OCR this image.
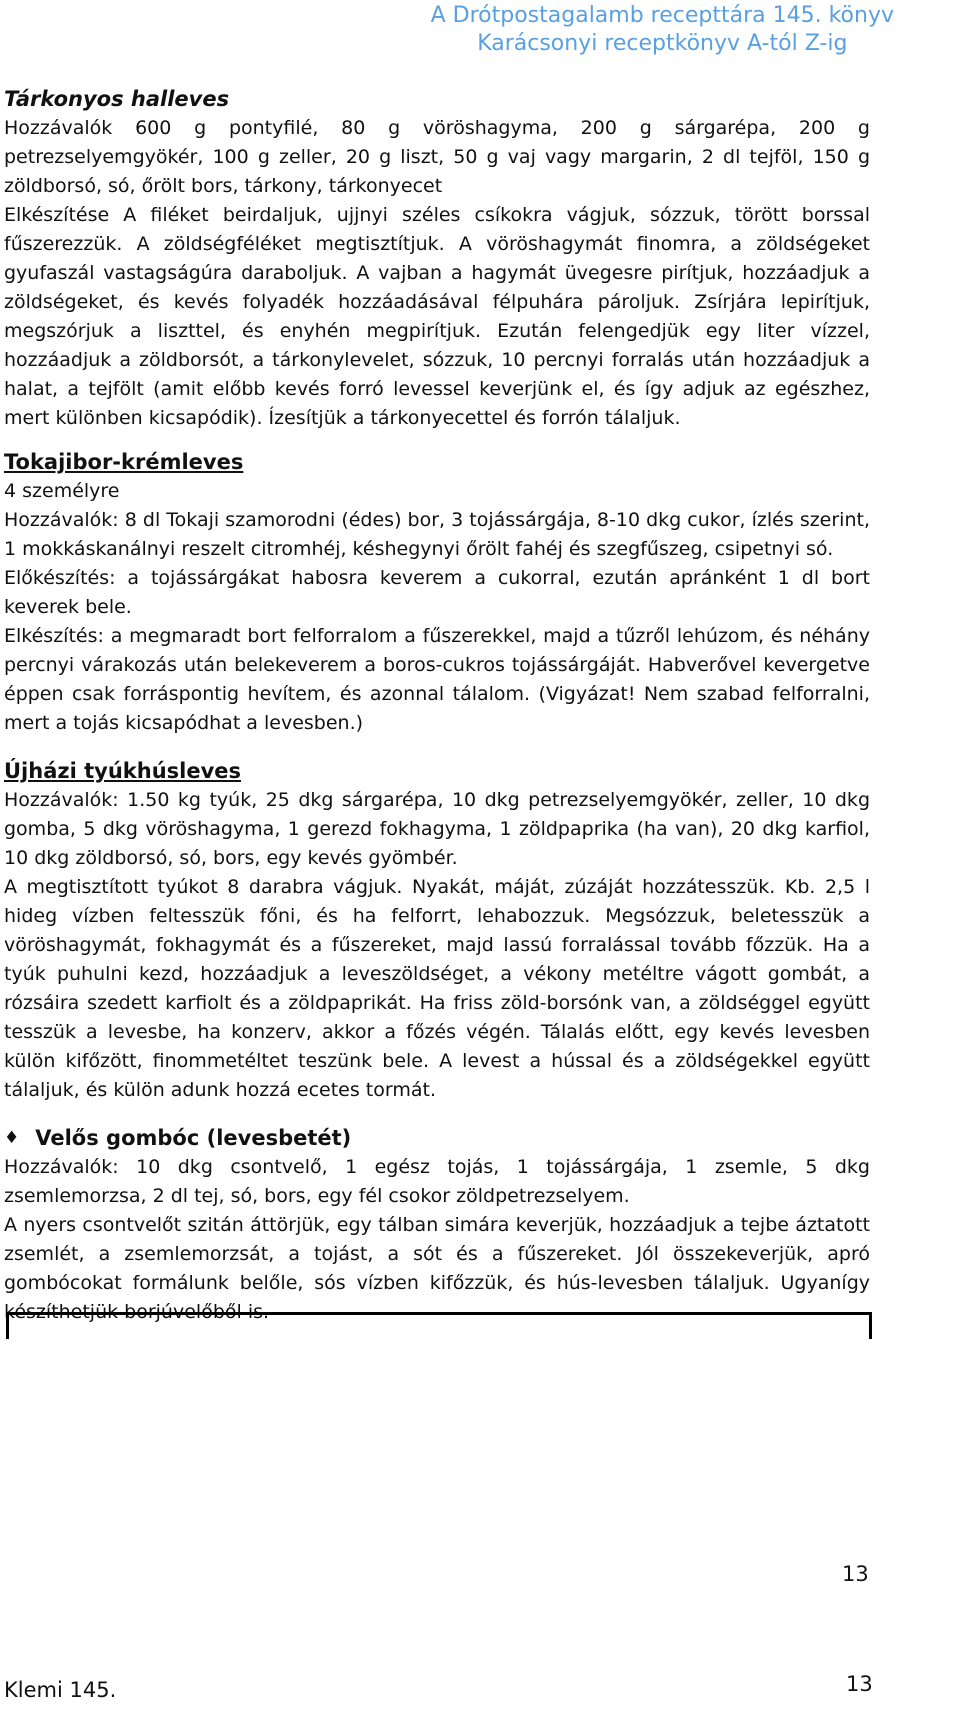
A Drótpostagalamb recepttára 145. könyv
Karácsonyi receptkönyv A-tól Z-ig
Tárkonyos halleves

Hozzávalók 600 g pontyfilé, 80 g vöröshagyma, 200 g sárgarépa, 200 g petrezselyemgyökér, 100 g zeller, 20 g liszt, 50 g vaj vagy margarin, 2 dl tejföl, 150 g zöldborsó, só, őrölt bors, tárkony, tárkonyecet

Elkészítése A filéket beirdaljuk, ujjnyi széles csíkokra vágjuk, sózzuk, törött borssal fűszerezzük. A zöldségféléket megtisztítjuk. A vöröshagymát finomra, a zöldségeket gyufaszál vastagságúra daraboljuk. A vajban a hagymát üvegesre pirítjuk, hozzáadjuk a zöldségeket, és kevés folyadék hozzáadásával félpuhára pároljuk. Zsírjára lepirítjuk, megszórjuk a liszttel, és enyhén megpirítjuk. Ezután felengedjük egy liter vízzel, hozzáadjuk a zöldborsót, a tárkonylevelet, sózzuk, 10 percnyi forralás után hozzáadjuk a halat, a tejfölt (amit előbb kevés forró levessel keverjünk el, és így adjuk az egészhez, mert különben kicsapódik). Ízesítjük a tárkonyecettel és forrón tálaljuk.

Tokajibor-krémleves

4 személyre

Hozzávalók: 8 dl Tokaji szamorodni (édes) bor, 3 tojássárgája, 8-10 dkg cukor, ízlés szerint, 1 mokkáskanálnyi reszelt citromhéj, késhegynyi őrölt fahéj és szegfűszeg, csipetnyi só.

Előkészítés: a tojássárgákat habosra keverem a cukorral, ezután apránként 1 dl bort keverek bele.

Elkészítés: a megmaradt bort felforralom a fűszerekkel, majd a tűzről lehúzom, és néhány percnyi várakozás után belekeverem a boros-cukros tojássárgáját. Habverővel kevergetve éppen csak forráspontig hevítem, és azonnal tálalom. (Vigyázat! Nem szabad felforralni, mert a tojás kicsapódhat a levesben.)

Újházi tyúkhúsleves

Hozzávalók: 1.50 kg tyúk, 25 dkg sárgarépa, 10 dkg petrezselyemgyökér, zeller, 10 dkg gomba, 5 dkg vöröshagyma, 1 gerezd fokhagyma, 1 zöldpaprika (ha van), 20 dkg karfiol, 10 dkg zöldborsó, só, bors, egy kevés gyömbér.

A megtisztított tyúkot 8 darabra vágjuk. Nyakát, máját, zúzáját hozzátesszük. Kb. 2,5 l hideg vízben feltesszük főni, és ha felforrt, lehabozzuk. Megsózzuk, beletesszük a vöröshagymát, fokhagymát és a fűszereket, majd lassú forralással tovább főzzük. Ha a tyúk puhulni kezd, hozzáadjuk a leveszöldséget, a vékony metéltre vágott gombát, a rózsáira szedett karfiolt és a zöldpaprikát. Ha friss zöld-borsónk van, a zöldséggel együtt tesszük a levesbe, ha konzerv, akkor a főzés végén. Tálalás előtt, egy kevés levesben külön kifőzött, finommetéltet teszünk bele. A levest a hússal és a zöldségekkel együtt tálaljuk, és külön adunk hozzá ecetes tormát.

♦ Velős gombóc (levesbetét)

Hozzávalók: 10 dkg csontvelő, 1 egész tojás, 1 tojássárgája, 1 zsemle, 5 dkg zsemlemorzsa, 2 dl tej, só, bors, egy fél csokor zöldpetrezselyem.

A nyers csontvelőt szitán áttörjük, egy tálban simára keverjük, hozzáadjuk a tejbe áztatott zsemlét, a zsemlemorzsát, a tojást, a sót és a fűszereket. Jól összekeverjük, apró gombócokat formálunk belőle, sós vízben kifőzzük, és hús-levesben tálaljuk. Ugyanígy készíthetjük borjúvelőből is.

13
Klemi 145.	13
